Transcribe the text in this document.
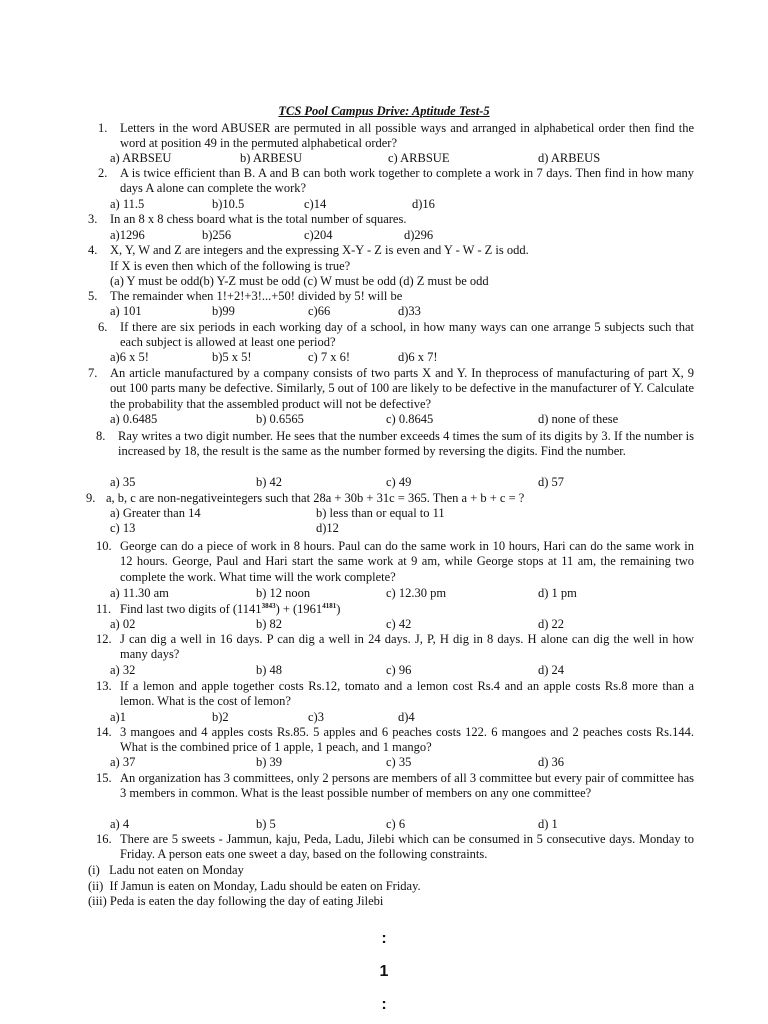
TCS Pool Campus Drive: Aptitude Test-5
1. Letters in the word ABUSER are permuted in all possible ways and arranged in alphabetical order then find the word at position 49 in the permuted alphabetical order?
a) ARBSEU	b) ARBESU	c) ARBSUE	d) ARBEUS
2. A is twice efficient than B. A and B can both work together to complete a work in 7 days. Then find in how many days A alone can complete the work?
a) 11.5	b)10.5	c)14	d)16
3. In an 8 x 8 chess board what is the total number of squares.
a)1296	b)256	c)204	d)296
4. X, Y, W and Z are integers and the expressing X-Y - Z is even and Y - W - Z is odd.
If X is even then which of the following is true?
(a) Y must be odd(b) Y-Z must be odd (c) W must be odd (d) Z must be odd
5. The remainder when 1!+2!+3!...+50! divided by 5! will be
a) 101	b)99	c)66	d)33
6. If there are six periods in each working day of a school, in how many ways can one arrange 5 subjects such that each subject is allowed at least one period?
a)6 x 5!	b)5 x 5!	c) 7 x 6!	d)6 x 7!
7. An article manufactured by a company consists of two parts X and Y. In theprocess of manufacturing of part X, 9 out 100 parts many be defective. Similarly, 5 out of 100 are likely to be defective in the manufacturer of Y. Calculate the probability that the assembled product will not be defective?
a) 0.6485	b) 0.6565	c) 0.8645	d) none of these
8. Ray writes a two digit number. He sees that the number exceeds 4 times the sum of its digits by 3. If the number is increased by 18, the result is the same as the number formed by reversing the digits. Find the number.
a) 35	b) 42	c) 49	d) 57
9. a, b, c are non-negativeintegers such that 28a + 30b + 31c = 365. Then a + b + c = ?
a) Greater than 14	b) less than or equal to 11
c) 13	d)12
10. George can do a piece of work in 8 hours. Paul can do the same work in 10 hours, Hari can do the same work in 12 hours. George, Paul and Hari start the same work at 9 am, while George stops at 11 am, the remaining two complete the work. What time will the work complete?
a) 11.30 am	b) 12 noon	c) 12.30 pm	d) 1 pm
11. Find last two digits of $(1141^{3843}) + (1961^{4181})$
a) 02	b) 82	c) 42	d) 22
12. J can dig a well in 16 days. P can dig a well in 24 days. J, P, H dig in 8 days. H alone can dig the well in how many days?
a) 32	b) 48	c) 96	d) 24
13. If a lemon and apple together costs Rs.12, tomato and a lemon cost Rs.4 and an apple costs Rs.8 more than a lemon. What is the cost of lemon?
a)1	b)2	c)3	d)4
14. 3 mangoes and 4 apples costs Rs.85. 5 apples and 6 peaches costs 122. 6 mangoes and 2 peaches costs Rs.144. What is the combined price of 1 apple, 1 peach, and 1 mango?
a) 37	b) 39	c) 35	d) 36
15. An organization has 3 committees, only 2 persons are members of all 3 committee but every pair of committee has 3 members in common. What is the least possible number of members on any one committee?
a) 4	b) 5	c) 6	d) 1
16. There are 5 sweets - Jammun, kaju, Peda, Ladu, Jilebi which can be consumed in 5 consecutive days. Monday to Friday. A person eats one sweet a day, based on the following constraints.
(i)   Ladu not eaten on Monday
(ii)  If Jamun is eaten on Monday, Ladu should be eaten on Friday.
(iii) Peda is eaten the day following the day of eating Jilebi
:
1
:
